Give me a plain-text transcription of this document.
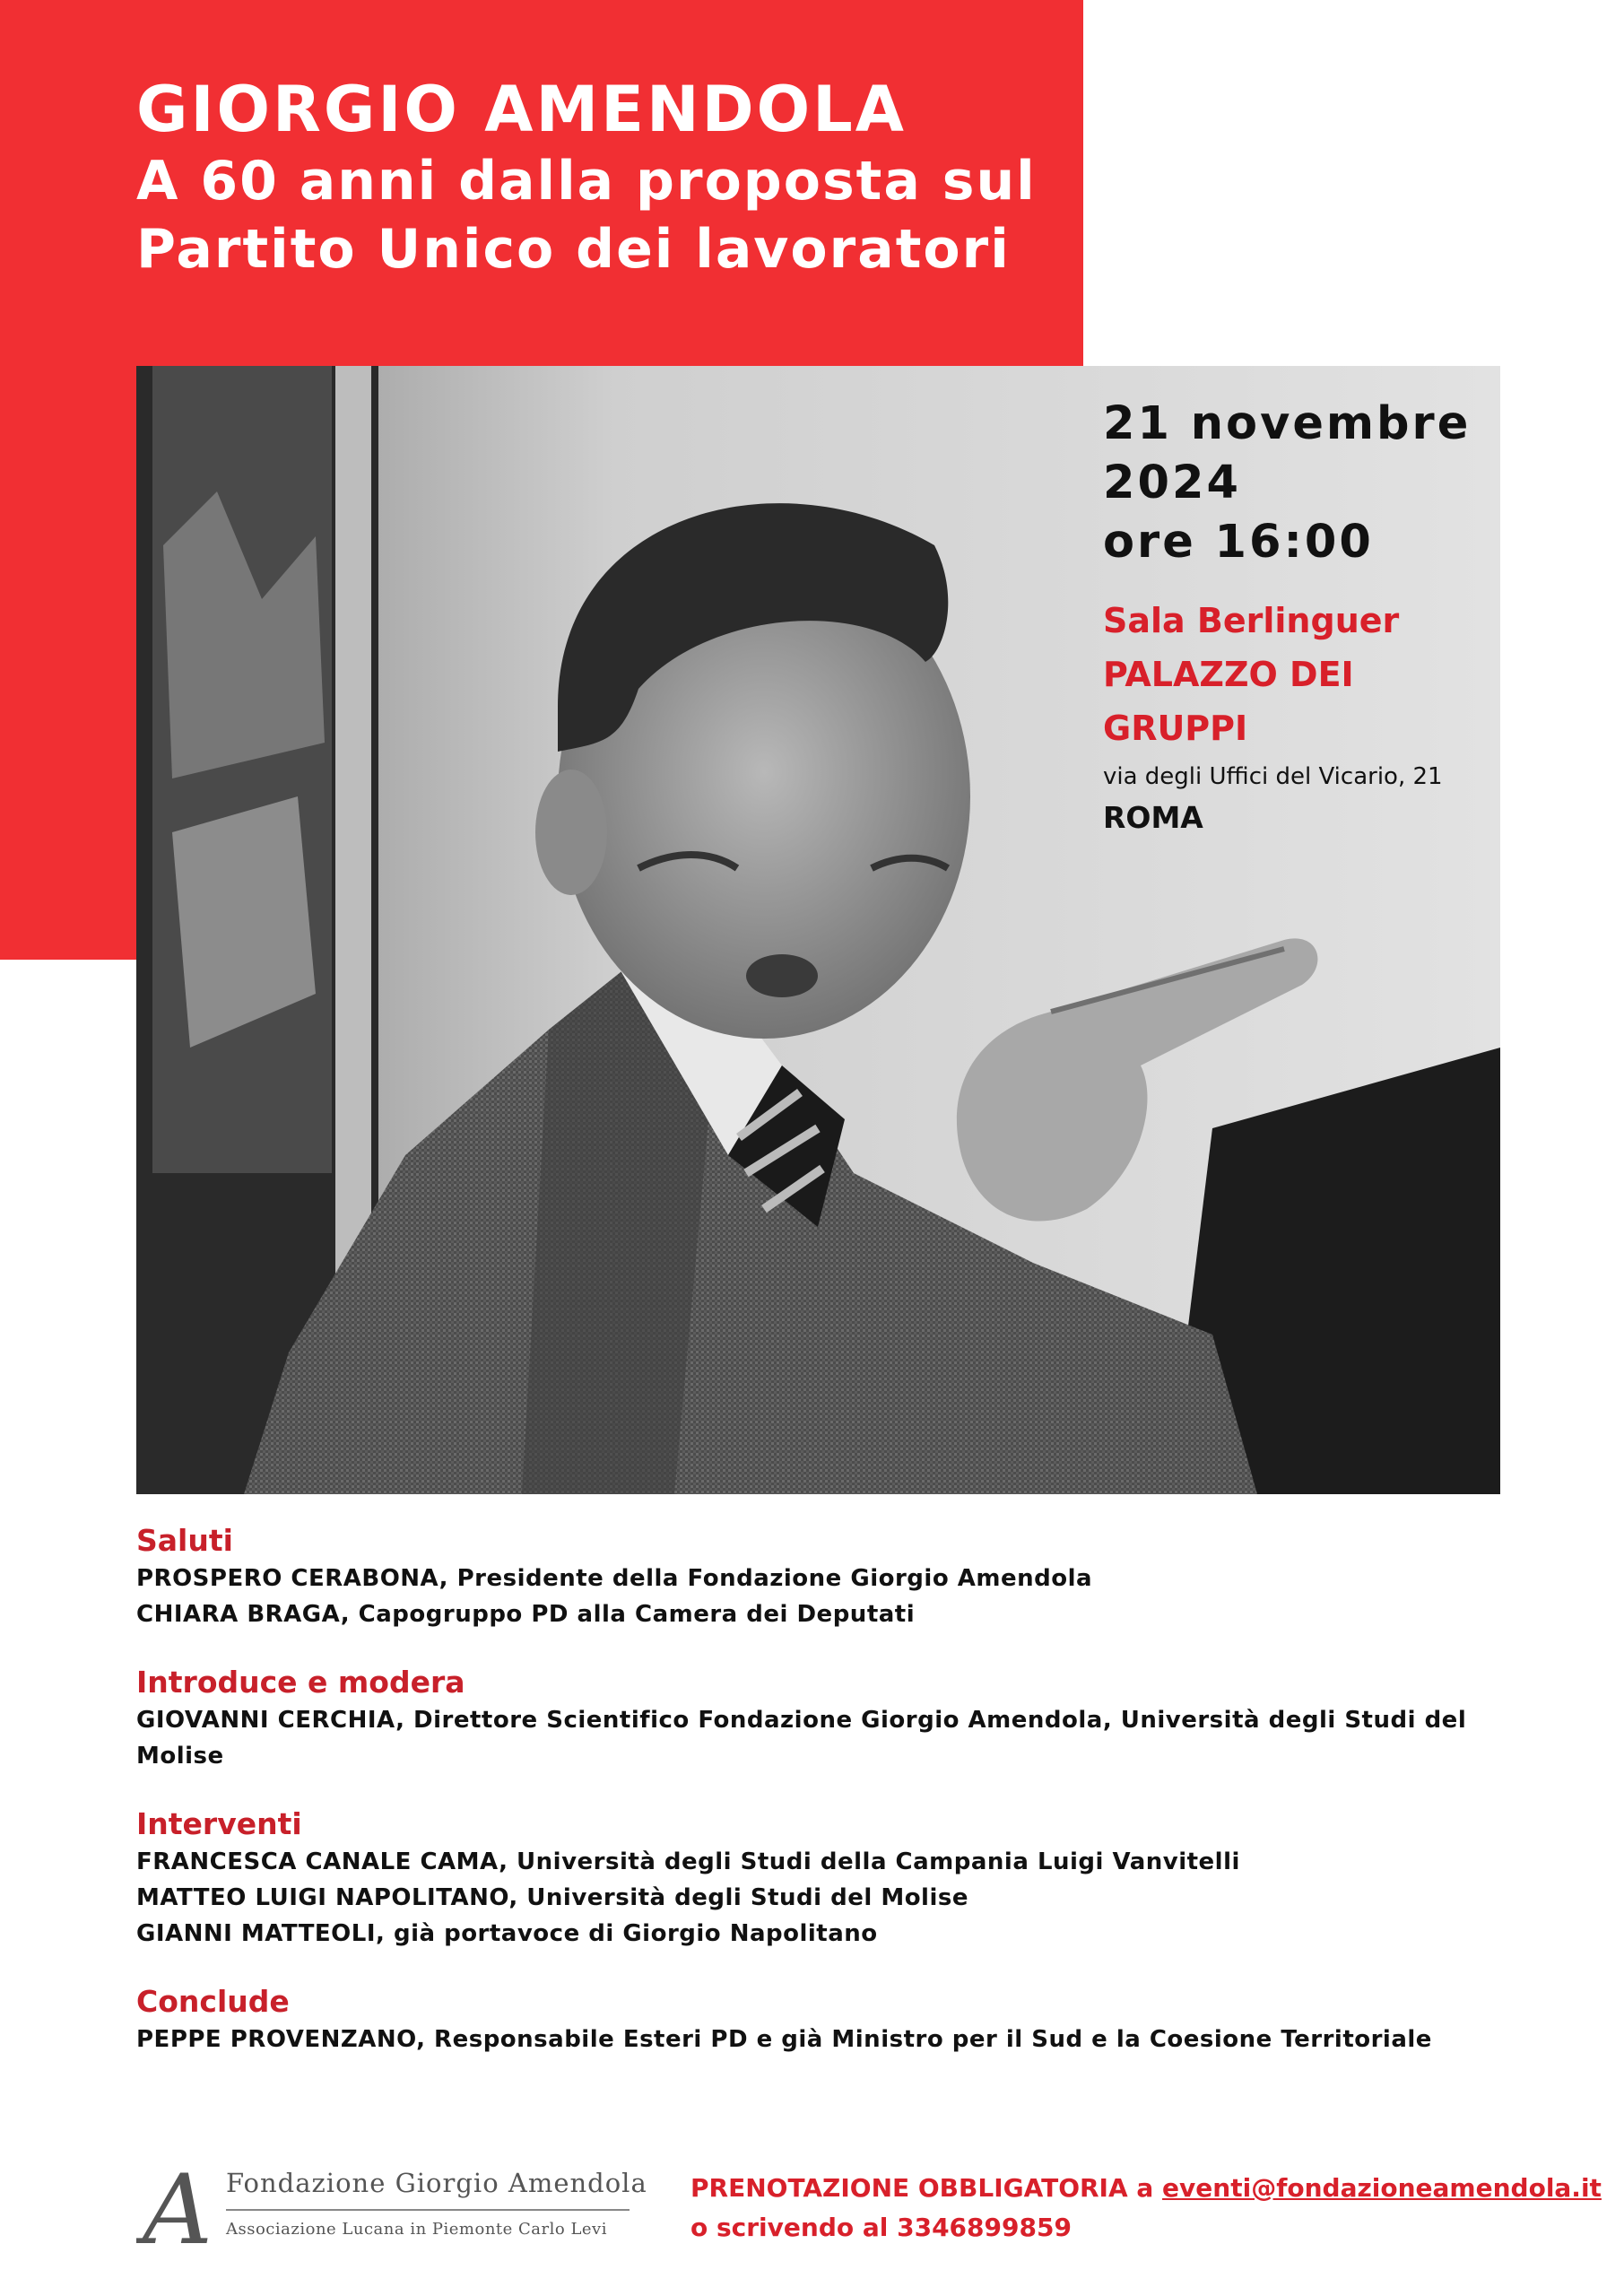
GIORGIO AMENDOLA
A 60 anni dalla proposta sul
Partito Unico dei lavoratori
21 novembre
2024
ore 16:00
Sala Berlinguer
PALAZZO DEI
GRUPPI
via degli Uffici del Vicario, 21
ROMA
Saluti
PROSPERO CERABONA, Presidente della Fondazione Giorgio Amendola
CHIARA BRAGA, Capogruppo PD alla Camera dei Deputati
Introduce e modera
GIOVANNI CERCHIA, Direttore Scientifico Fondazione Giorgio Amendola, Università degli Studi del Molise
Interventi
FRANCESCA CANALE CAMA, Università degli Studi della Campania Luigi Vanvitelli
MATTEO LUIGI NAPOLITANO, Università degli Studi del Molise
GIANNI MATTEOLI, già portavoce di Giorgio Napolitano
Conclude
PEPPE PROVENZANO, Responsabile Esteri PD e già Ministro per il Sud e la Coesione Territoriale
A Fondazione Giorgio Amendola
Associazione Lucana in Piemonte Carlo Levi
PRENOTAZIONE OBBLIGATORIA a eventi@fondazioneamendola.it
o scrivendo al 3346899859
